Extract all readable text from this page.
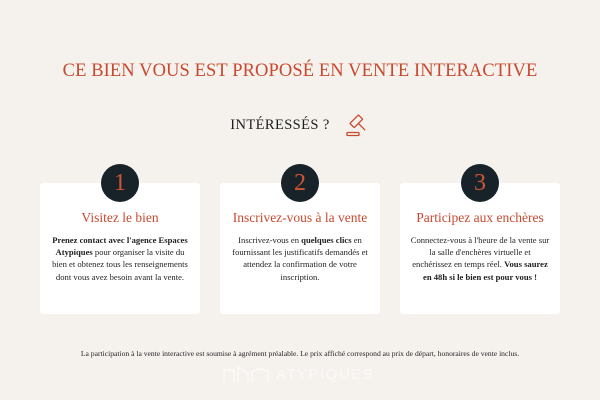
CE BIEN VOUS EST PROPOSÉ EN VENTE INTERACTIVE
INTÉRESSÉS ?
Visitez le bien
Prenez contact avec l'agence Espaces Atypiques pour organiser la visite du bien et obtenez tous les renseignements dont vous avez besoin avant la vente.
1
Inscrivez-vous à la vente
Inscrivez-vous en quelques clics en fournissant les justificatifs demandés et attendez la confirmation de votre inscription.
2
Participez aux enchères
Connectez-vous à l'heure de la vente sur la salle d'enchères virtuelle et enchérissez en temps réel. Vous saurez en 48h si le bien est pour vous !
3
La participation à la vente interactive est soumise à agrément préalable. Le prix affiché correspond au prix de départ, honoraires de vente inclus.
ATYPIQUES
